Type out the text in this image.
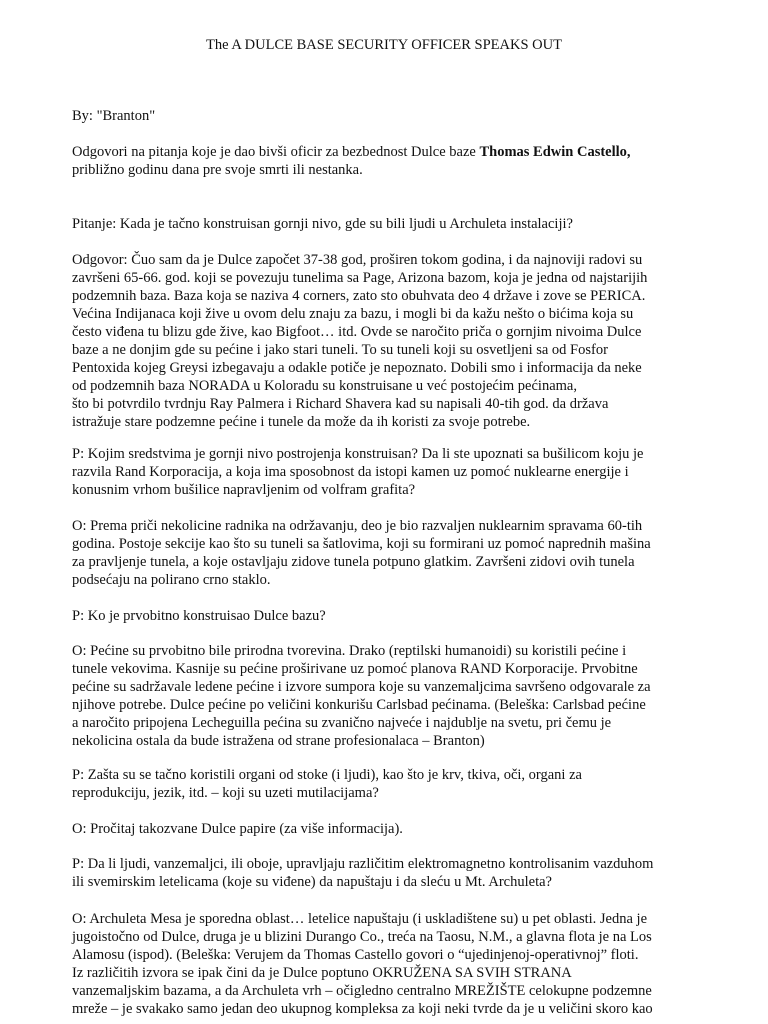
The A DULCE BASE SECURITY OFFICER SPEAKS OUT

By: "Branton"

Odgovori na pitanja koje je dao bivši oficir za bezbednost Dulce baze Thomas Edwin Castello,
približno godinu dana pre svoje smrti ili nestanka.

Pitanje: Kada je tačno konstruisan gornji nivo, gde su bili ljudi u Archuleta instalaciji?

Odgovor: Čuo sam da je Dulce započet 37-38 god, proširen tokom godina, i da najnoviji radovi su
završeni 65-66. god. koji se povezuju tunelima sa Page, Arizona bazom, koja je jedna od najstarijih
podzemnih baza. Baza koja se naziva 4 corners, zato sto obuhvata deo 4 države i zove se PERICA.
Većina Indijanaca koji žive u ovom delu znaju za bazu, i mogli bi da kažu nešto o bićima koja su
često viđena tu blizu gde žive, kao Bigfoot… itd. Ovde se naročito priča o gornjim nivoima Dulce
baze a ne donjim gde su pećine i jako stari tuneli. To su tuneli koji su osvetljeni sa od Fosfor
Pentoxida kojeg Greysi izbegavaju a odakle potiče je nepoznato. Dobili smo i informacija da neke
od podzemnih baza NORADA u Koloradu su konstruisane u već postojećim pećinama,
što bi potvrdilo tvrdnju Ray Palmera i Richard Shavera kad su napisali 40-tih god. da država
istražuje stare podzemne pećine i tunele da može da ih koristi za svoje potrebe.

P: Kojim sredstvima je gornji nivo postrojenja konstruisan? Da li ste upoznati sa bušilicom koju je
razvila Rand Korporacija, a koja ima sposobnost da istopi kamen uz pomoć nuklearne energije i
konusnim vrhom bušilice napravljenim od volfram grafita?

O: Prema priči nekolicine radnika na održavanju, deo je bio razvaljen nuklearnim spravama 60-tih
godina. Postoje sekcije kao što su tuneli sa šatlovima, koji su formirani uz pomoć naprednih mašina
za pravljenje tunela, a koje ostavljaju zidove tunela potpuno glatkim. Završeni zidovi ovih tunela
podsećaju na polirano crno staklo.

P: Ko je prvobitno konstruisao Dulce bazu?

O: Pećine su prvobitno bile prirodna tvorevina. Drako (reptilski humanoidi) su koristili pećine i
tunele vekovima. Kasnije su pećine proširivane uz pomoć planova RAND Korporacije. Prvobitne
pećine su sadržavale ledene pećine i izvore sumpora koje su vanzemaljcima savršeno odgovarale za
njihove potrebe. Dulce pećine po veličini konkurišu Carlsbad pećinama. (Beleška: Carlsbad pećine
a naročito pripojena Lecheguilla pećina su zvanično najveće i najdublje na svetu, pri čemu je
nekolicina ostala da bude istražena od strane profesionalaca – Branton)

P: Zašta su se tačno koristili organi od stoke (i ljudi), kao što je krv, tkiva, oči, organi za
reprodukciju, jezik, itd. – koji su uzeti mutilacijama?

O: Pročitaj takozvane Dulce papire (za više informacija).

P: Da li ljudi, vanzemaljci, ili oboje, upravljaju različitim elektromagnetno kontrolisanim vazduhom
ili svemirskim letelicama (koje su viđene) da napuštaju i da sleću u Mt. Archuleta?

O: Archuleta Mesa je sporedna oblast… letelice napuštaju (i uskladištene su) u pet oblasti. Jedna je
jugoistočno od Dulce, druga je u blizini Durango Co., treća na Taosu, N.M., a glavna flota je na Los
Alamosu (ispod). (Beleška: Verujem da Thomas Castello govori o “ujedinjenoj-operativnoj” floti.
Iz različitih izvora se ipak čini da je Dulce poptuno OKRUŽENA SA SVIH STRANA
vanzemaljskim bazama, a da Archuleta vrh – očigledno centralno MREŽIŠTE celokupne podzemne
mreže – je svakako samo jedan deo ukupnog kompleksa za koji neki tvrde da je u veličini skoro kao
